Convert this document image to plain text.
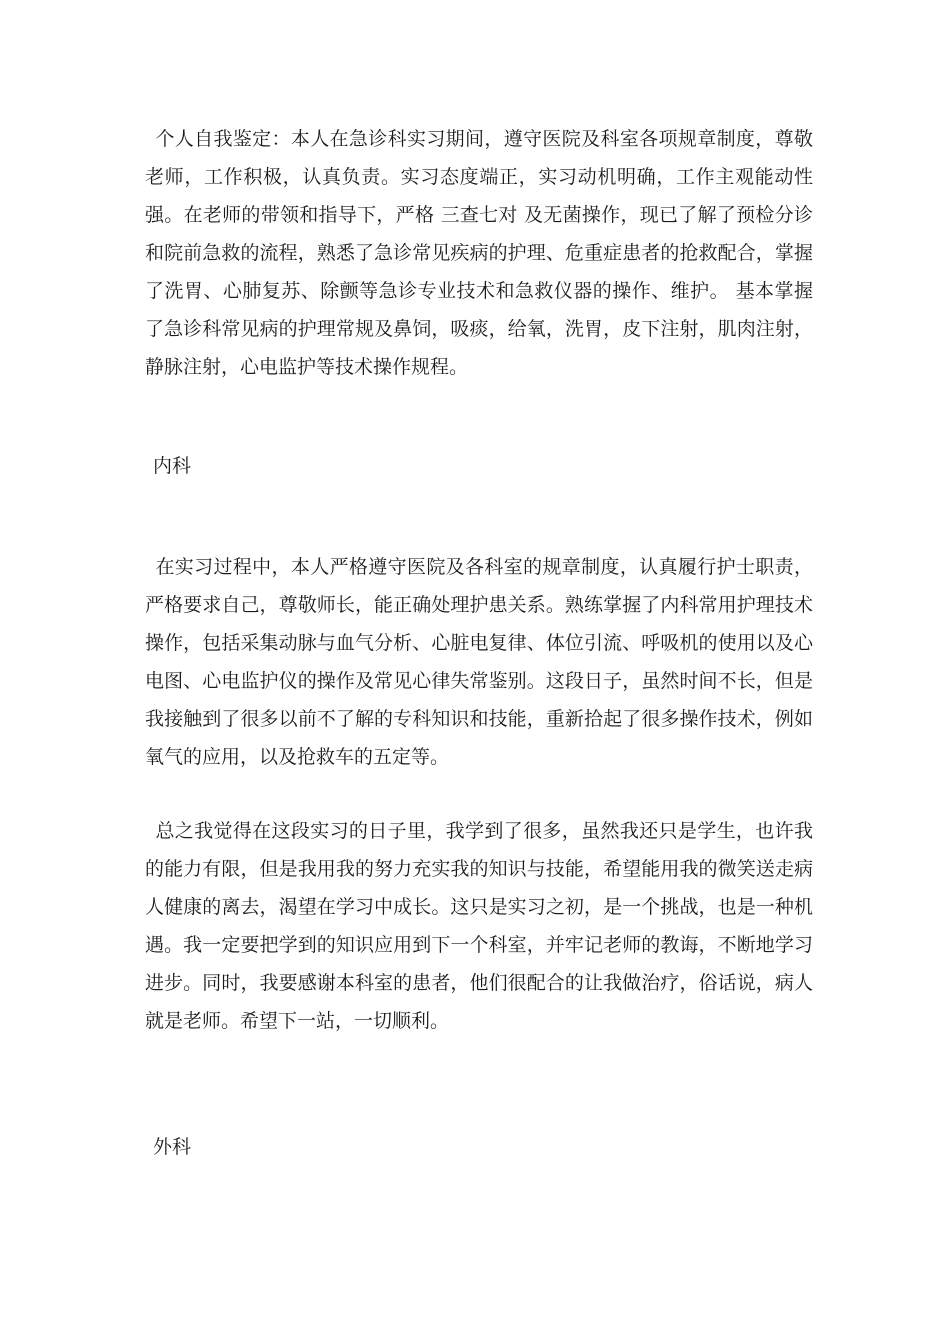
个人自我鉴定：本人在急诊科实习期间，遵守医院及科室各项规章制度，尊敬老师，工作积极，认真负责。实习态度端正，实习动机明确，工作主观能动性强。在老师的带领和指导下，严格 三查七对 及无菌操作，现已了解了预检分诊和院前急救的流程，熟悉了急诊常见疾病的护理、危重症患者的抢救配合，掌握了洗胃、心肺复苏、除颤等急诊专业技术和急救仪器的操作、维护。 基本掌握了急诊科常见病的护理常规及鼻饲，吸痰，给氧，洗胃，皮下注射，肌肉注射，静脉注射，心电监护等技术操作规程。

内科

在实习过程中，本人严格遵守医院及各科室的规章制度，认真履行护士职责，严格要求自己，尊敬师长，能正确处理护患关系。熟练掌握了内科常用护理技术操作，包括采集动脉与血气分析、心脏电复律、体位引流、呼吸机的使用以及心电图、心电监护仪的操作及常见心律失常鉴别。这段日子，虽然时间不长，但是我接触到了很多以前不了解的专科知识和技能，重新拾起了很多操作技术，例如氧气的应用，以及抢救车的五定等。

总之我觉得在这段实习的日子里，我学到了很多，虽然我还只是学生，也许我的能力有限，但是我用我的努力充实我的知识与技能，希望能用我的微笑送走病人健康的离去，渴望在学习中成长。这只是实习之初，是一个挑战，也是一种机遇。我一定要把学到的知识应用到下一个科室，并牢记老师的教诲，不断地学习进步。同时，我要感谢本科室的患者，他们很配合的让我做治疗，俗话说，病人就是老师。希望下一站，一切顺利。

外科
